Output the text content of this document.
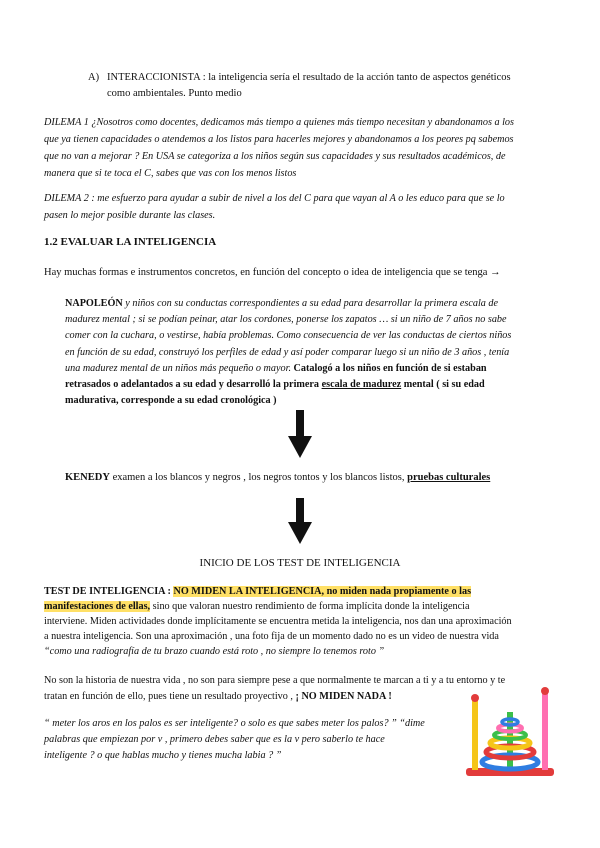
A) INTERACCIONISTA : la inteligencia sería el resultado de la acción tanto de aspectos genéticos
como ambientales. Punto medio
DILEMA 1 ¿Nosotros como docentes, dedicamos más tiempo a quienes más tiempo necesitan y abandonamos a los
que ya tienen capacidades o atendemos a los listos para hacerles mejores y abandonamos a los peores pq sabemos
que no van a mejorar ? En USA se categoriza a los niños según sus capacidades y sus resultados académicos, de
manera que si te toca el C, sabes que vas con los menos listos
DILEMA 2 : me esfuerzo para ayudar a subir de nivel a los del C para que vayan al A o les educo para que se lo
pasen lo mejor posible durante las clases.
1.2 EVALUAR LA INTELIGENCIA
Hay muchas formas e instrumentos concretos, en función del concepto o idea de inteligencia que se tenga →
NAPOLEÓN y niños con su conductas correspondientes a su edad para desarrollar la primera escala de
madurez mental ; si se podían peinar, atar los cordones, ponerse los zapatos … si un niño de 7 años no sabe
comer con la cuchara, o vestirse, había problemas. Como consecuencia de ver las conductas de ciertos niños
en función de su edad, construyó los perfiles de edad y así poder comparar luego si un niño de 3 años , tenía
una madurez mental de un niños más pequeño o mayor. Catalogó a los niños en función de si estaban
retrasados o adelantados a su edad y desarrolló la primera escala de madurez mental ( si su edad
madurativa, corresponde a su edad cronológica )
KENEDY examen a los blancos y negros , los negros tontos y los blancos listos, pruebas culturales
INICIO DE LOS TEST DE INTELIGENCIA
TEST DE INTELIGENCIA : NO MIDEN LA INTELIGENCIA, no miden nada propiamente o las
manifestaciones de ellas, sino que valoran nuestro rendimiento de forma implícita donde la inteligencia
interviene. Miden actividades donde implícitamente se encuentra metida la inteligencia, nos dan una aproximación
a nuestra inteligencia. Son una aproximación , una foto fija de un momento dado no es un video de nuestra vida
“como una radiografía de tu brazo cuando está roto , no siempre lo tenemos roto ”
No son la historia de nuestra vida , no son para siempre pese a que normalmente te marcan a ti y a tu entorno y te
tratan en función de ello, pues tiene un resultado proyectivo , ¡ NO MIDEN NADA !
“ meter los aros en los palos es ser inteligente? o solo es que sabes meter los palos? ” “dime
palabras que empiezan por v , primero debes saber que es la v pero saberlo te hace
inteligente ? o que hablas mucho y tienes mucha labia ? ”
